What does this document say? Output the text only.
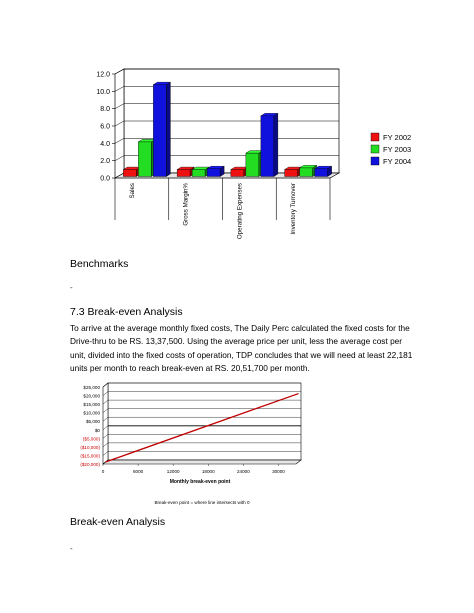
0.0
2.0
4.0
6.0
8.0
10.0
12.0
Sales	Gross Margin%	Operating Expenses	Inventory Turnover
FY 2002
FY 2003
FY 2004
Benchmarks
-
7.3 Break-even Analysis
To arrive at the average monthly fixed costs, The Daily Perc calculated the fixed costs for the Drive-thru to be RS. 13,37,500. Using the average price per unit, less the average cost per unit, divided into the fixed costs of operation, TDP concludes that we will need at least 22,181 units per month to reach break-even at RS. 20,51,700 per month.
($20,000)
($15,000)
($10,000)
($5,000)
$0
$5,000
$10,000
$15,000
$20,000
$25,000
0	6000	12000	18000	24000	30000
Monthly break-even point
Break-even point = where line intersects with 0
Break-even Analysis
-
